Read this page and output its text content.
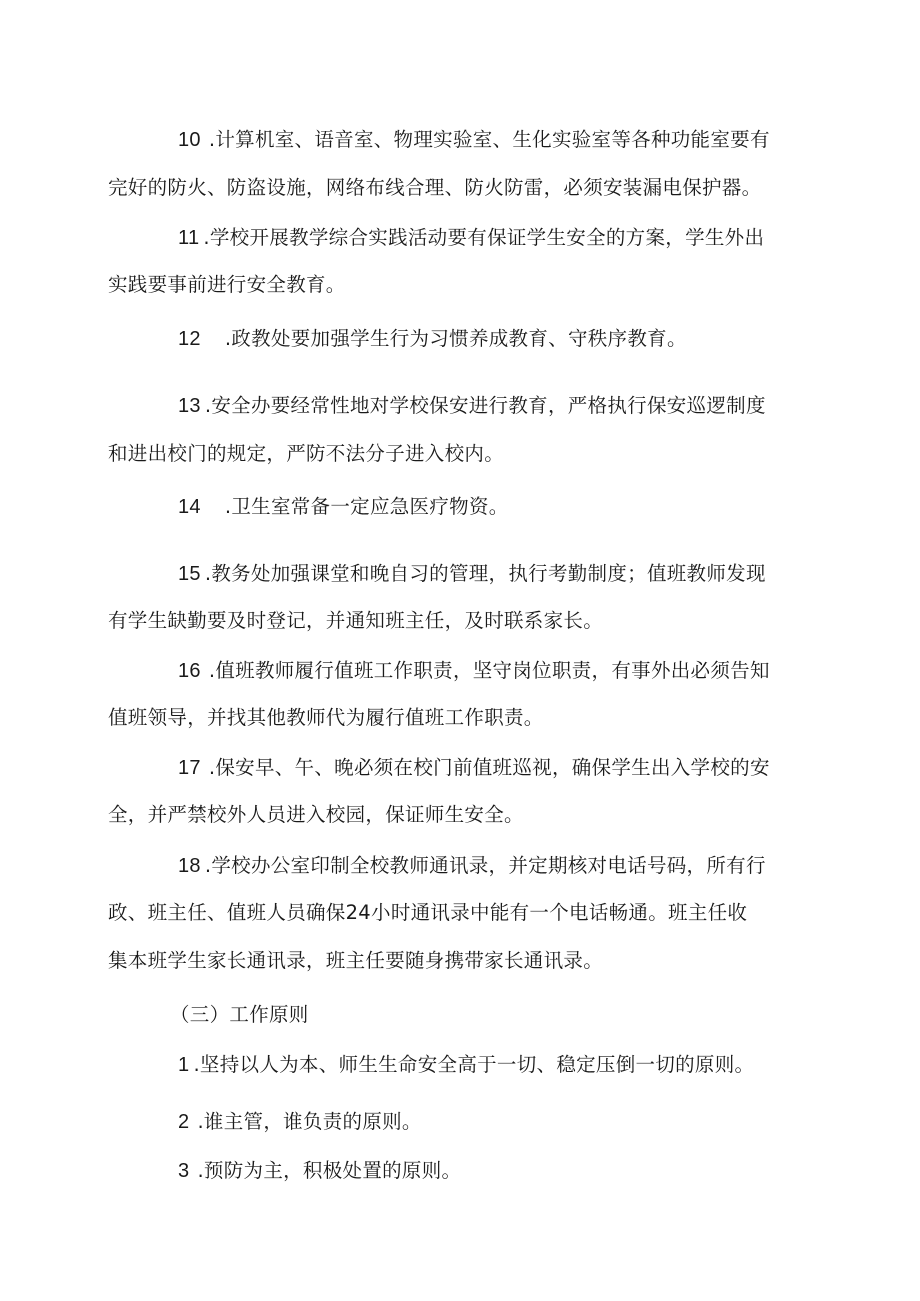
10 .计算机室、语音室、物理实验室、生化实验室等各种功能室要有
完好的防火、防盗设施，网络布线合理、防火防雷，必须安装漏电保护器。
11 .学校开展教学综合实践活动要有保证学生安全的方案，学生外出
实践要事前进行安全教育。
12 .政教处要加强学生行为习惯养成教育、守秩序教育。
13 .安全办要经常性地对学校保安进行教育，严格执行保安巡逻制度
和进出校门的规定，严防不法分子进入校内。
14 .卫生室常备一定应急医疗物资。
15 .教务处加强课堂和晚自习的管理，执行考勤制度；值班教师发现
有学生缺勤要及时登记，并通知班主任，及时联系家长。
16 .值班教师履行值班工作职责，坚守岗位职责，有事外出必须告知
值班领导，并找其他教师代为履行值班工作职责。
17 .保安早、午、晚必须在校门前值班巡视，确保学生出入学校的安
全，并严禁校外人员进入校园，保证师生安全。
18 .学校办公室印制全校教师通讯录，并定期核对电话号码，所有行
政、班主任、值班人员确保24小时通讯录中能有一个电话畅通。班主任收
集本班学生家长通讯录，班主任要随身携带家长通讯录。
（三）工作原则
1 .坚持以人为本、师生生命安全高于一切、稳定压倒一切的原则。
2 .谁主管，谁负责的原则。
3 .预防为主，积极处置的原则。
